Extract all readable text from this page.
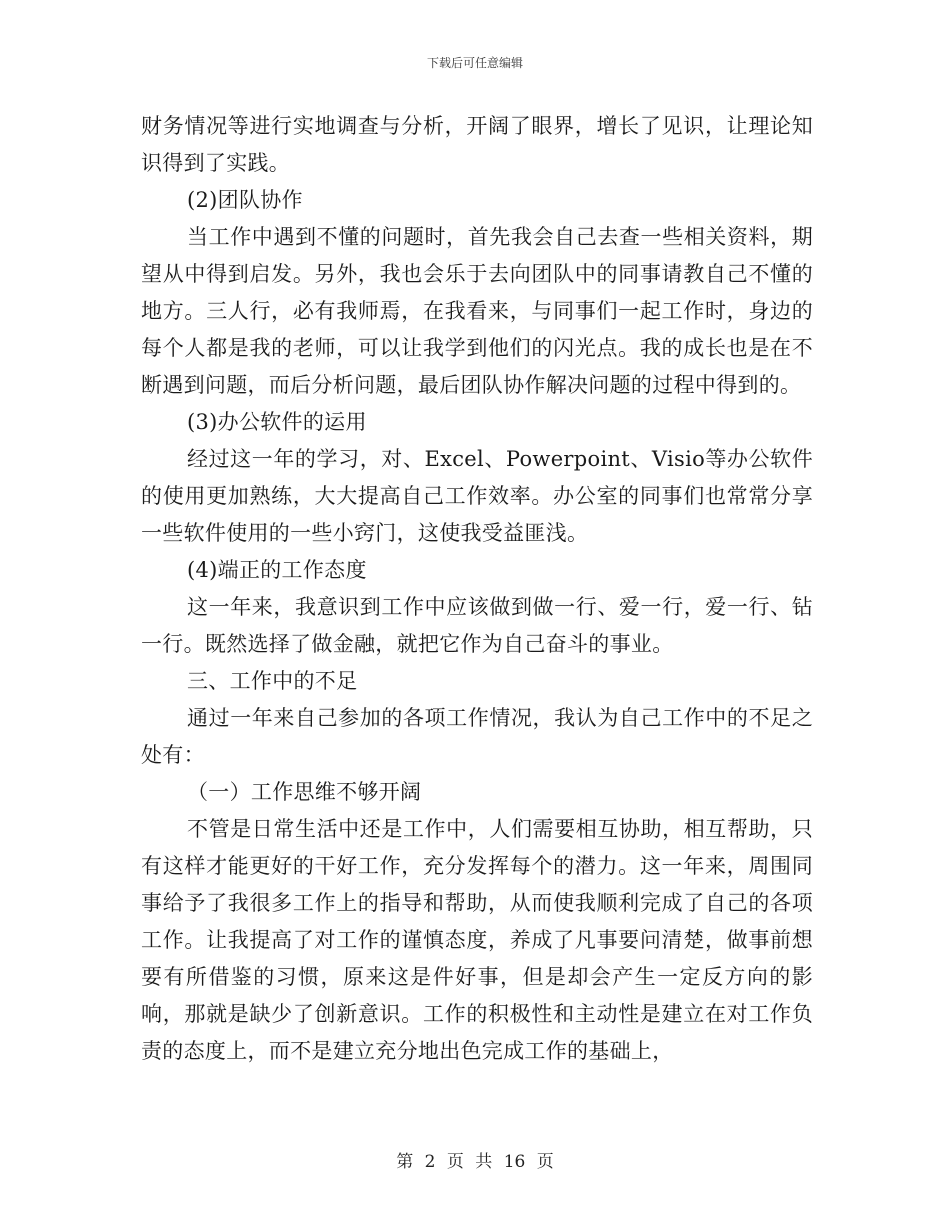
下载后可任意编辑

财务情况等进行实地调查与分析，开阔了眼界，增长了见识，让理论知识得到了实践。

(2)团队协作

当工作中遇到不懂的问题时，首先我会自己去查一些相关资料，期望从中得到启发。另外，我也会乐于去向团队中的同事请教自己不懂的地方。三人行，必有我师焉，在我看来，与同事们一起工作时，身边的每个人都是我的老师，可以让我学到他们的闪光点。我的成长也是在不断遇到问题，而后分析问题，最后团队协作解决问题的过程中得到的。

(3)办公软件的运用

经过这一年的学习，对、Excel、Powerpoint、Visio等办公软件的使用更加熟练，大大提高自己工作效率。办公室的同事们也常常分享一些软件使用的一些小窍门，这使我受益匪浅。

(4)端正的工作态度

这一年来，我意识到工作中应该做到做一行、爱一行，爱一行、钻一行。既然选择了做金融，就把它作为自己奋斗的事业。

三、工作中的不足

通过一年来自己参加的各项工作情况，我认为自己工作中的不足之处有：

（一）工作思维不够开阔

不管是日常生活中还是工作中，人们需要相互协助，相互帮助，只有这样才能更好的干好工作，充分发挥每个的潜力。这一年来，周围同事给予了我很多工作上的指导和帮助，从而使我顺利完成了自己的各项工作。让我提高了对工作的谨慎态度，养成了凡事要问清楚，做事前想要有所借鉴的习惯，原来这是件好事，但是却会产生一定反方向的影响，那就是缺少了创新意识。工作的积极性和主动性是建立在对工作负责的态度上，而不是建立充分地出色完成工作的基础上，

第 2 页 共 16 页
